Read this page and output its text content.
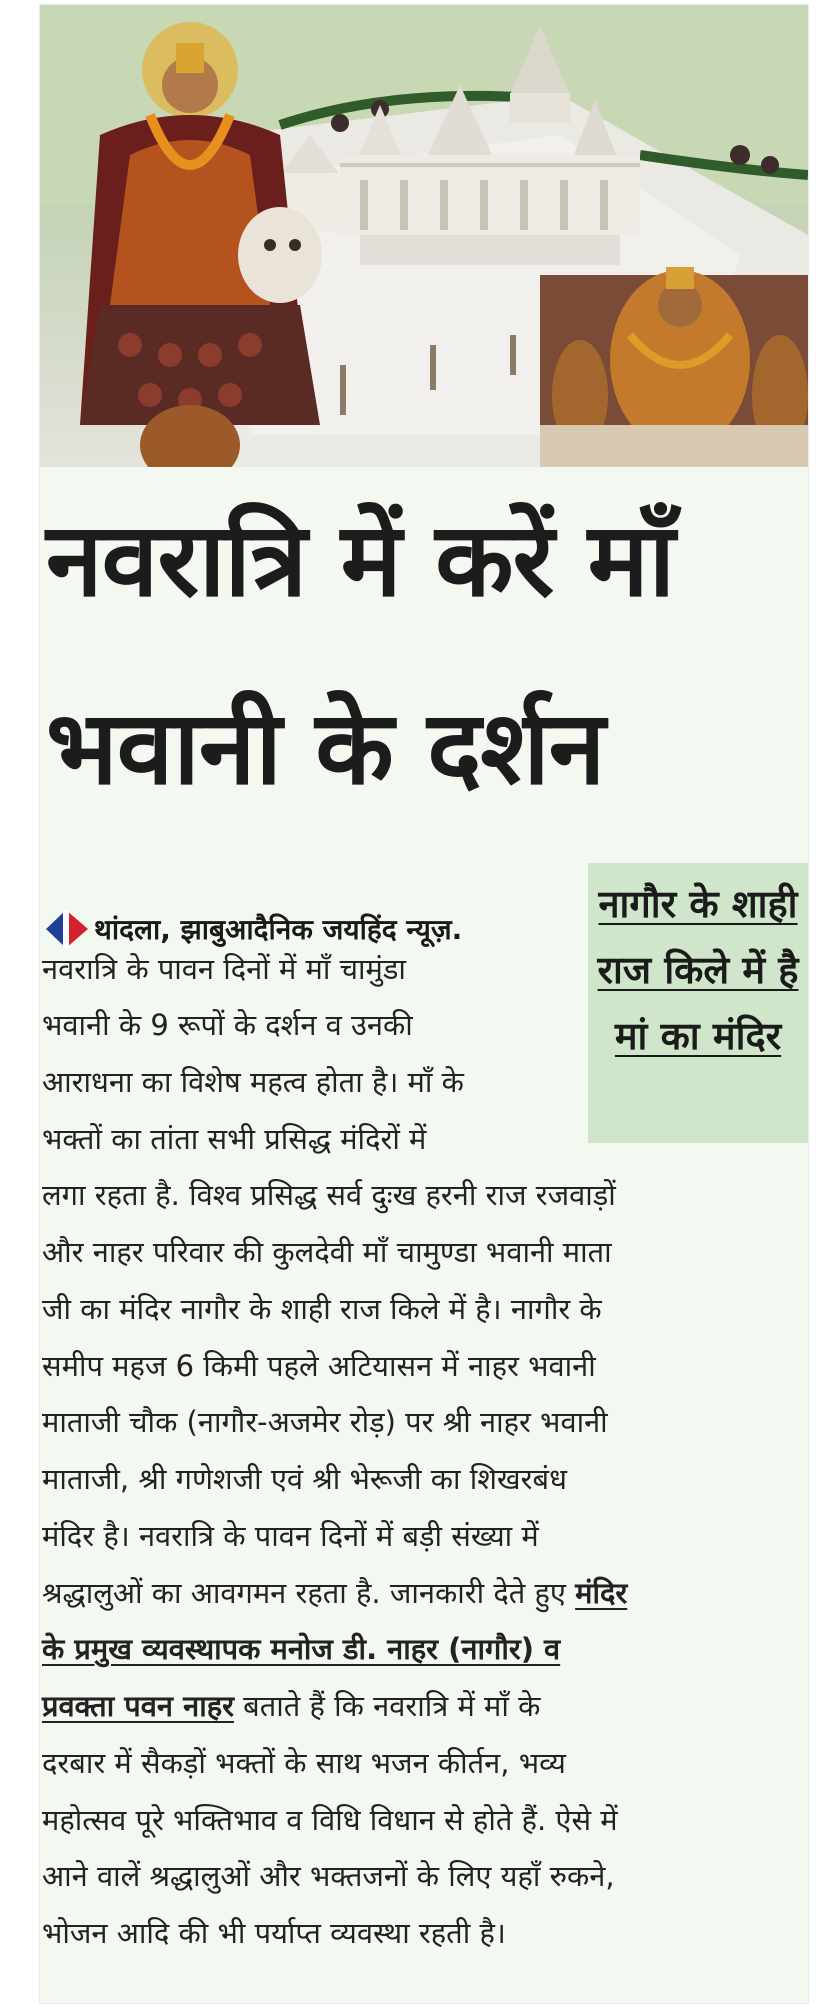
नवरात्रि में करें माँ
भवानी के दर्शन

नागौर के शाही राज किले में है मां का मंदिर

थांदला, झाबुआदैनिक जयहिंद न्यूज़.
नवरात्रि के पावन दिनों में माँ चामुंडा
भवानी के 9 रूपों के दर्शन व उनकी
आराधना का विशेष महत्व होता है। माँ के
भक्तों का तांता सभी प्रसिद्ध मंदिरों में
लगा रहता है. विश्व प्रसिद्ध सर्व दुःख हरनी राज रजवाड़ों
और नाहर परिवार की कुलदेवी माँ चामुण्डा भवानी माता
जी का मंदिर नागौर के शाही राज किले में है। नागौर के
समीप महज 6 किमी पहले अटियासन में नाहर भवानी
माताजी चौक (नागौर-अजमेर रोड़) पर श्री नाहर भवानी
माताजी, श्री गणेशजी एवं श्री भेरूजी का शिखरबंध
मंदिर है। नवरात्रि के पावन दिनों में बड़ी संख्या में
श्रद्धालुओं का आवगमन रहता है. जानकारी देते हुए मंदिर
के प्रमुख व्यवस्थापक मनोज डी. नाहर (नागौर) व
प्रवक्ता पवन नाहर बताते हैं कि नवरात्रि में माँ के
दरबार में सैकड़ों भक्तों के साथ भजन कीर्तन, भव्य
महोत्सव पूरे भक्तिभाव व विधि विधान से होते हैं. ऐसे में
आने वालें श्रद्धालुओं और भक्तजनों के लिए यहाँ रुकने,
भोजन आदि की भी पर्याप्त व्यवस्था रहती है।
